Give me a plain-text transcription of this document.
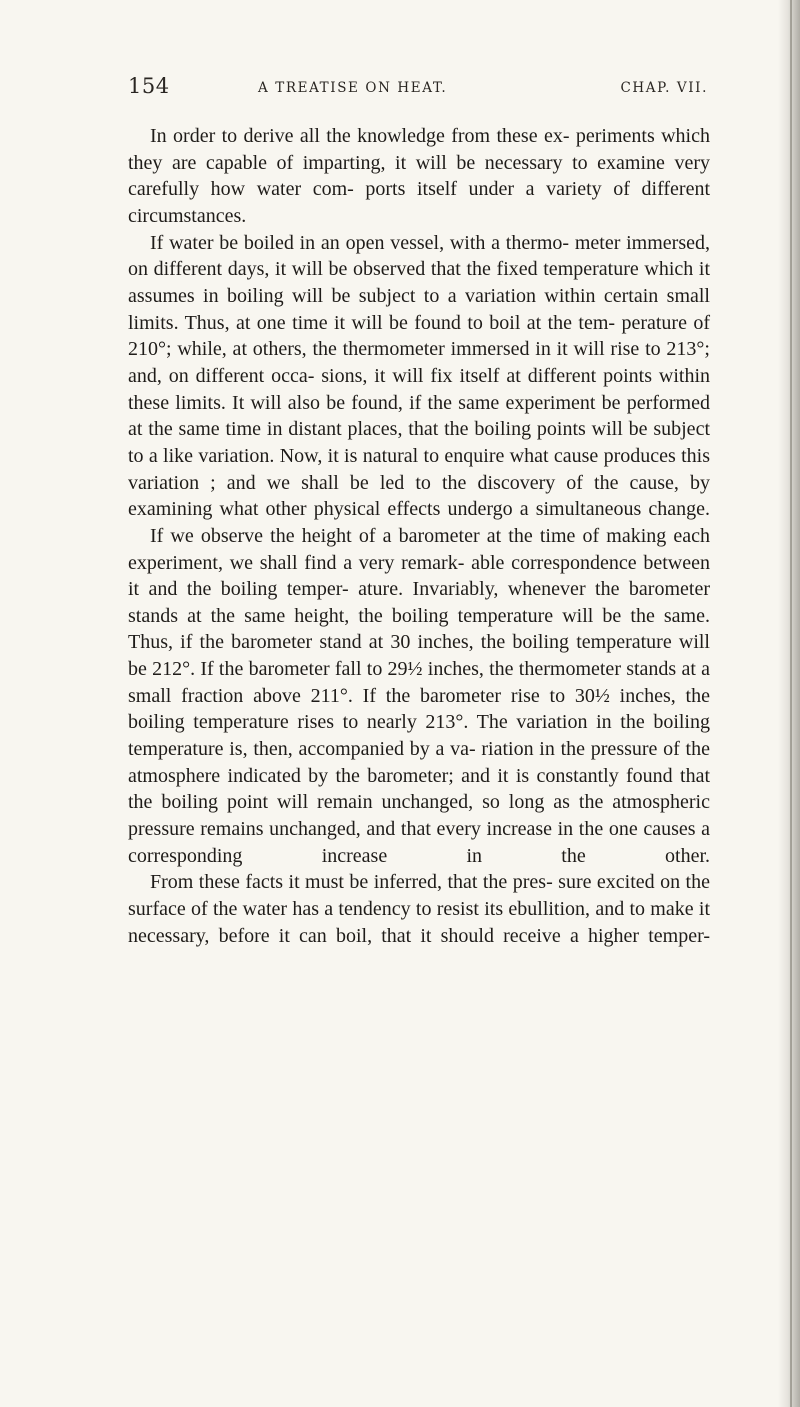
154	A TREATISE ON HEAT.	CHAP. VII.

In order to derive all the knowledge from these ex- periments which they are capable of imparting, it will be necessary to examine very carefully how water com- ports itself under a variety of different circumstances.

If water be boiled in an open vessel, with a thermo- meter immersed, on different days, it will be observed that the fixed temperature which it assumes in boiling will be subject to a variation within certain small limits. Thus, at one time it will be found to boil at the tem- perature of 210°; while, at others, the thermometer immersed in it will rise to 213°; and, on different occa- sions, it will fix itself at different points within these limits. It will also be found, if the same experiment be performed at the same time in distant places, that the boiling points will be subject to a like variation. Now, it is natural to enquire what cause produces this variation ; and we shall be led to the discovery of the cause, by examining what other physical effects undergo a simultaneous change.

If we observe the height of a barometer at the time of making each experiment, we shall find a very remark- able correspondence between it and the boiling temper- ature. Invariably, whenever the barometer stands at the same height, the boiling temperature will be the same. Thus, if the barometer stand at 30 inches, the boiling temperature will be 212°. If the barometer fall to 29½ inches, the thermometer stands at a small fraction above 211°. If the barometer rise to 30½ inches, the boiling temperature rises to nearly 213°. The variation in the boiling temperature is, then, accompanied by a va- riation in the pressure of the atmosphere indicated by the barometer; and it is constantly found that the boiling point will remain unchanged, so long as the atmospheric pressure remains unchanged, and that every increase in the one causes a corresponding increase in the other.

From these facts it must be inferred, that the pres- sure excited on the surface of the water has a tendency to resist its ebullition, and to make it necessary, before it can boil, that it should receive a higher temper-
